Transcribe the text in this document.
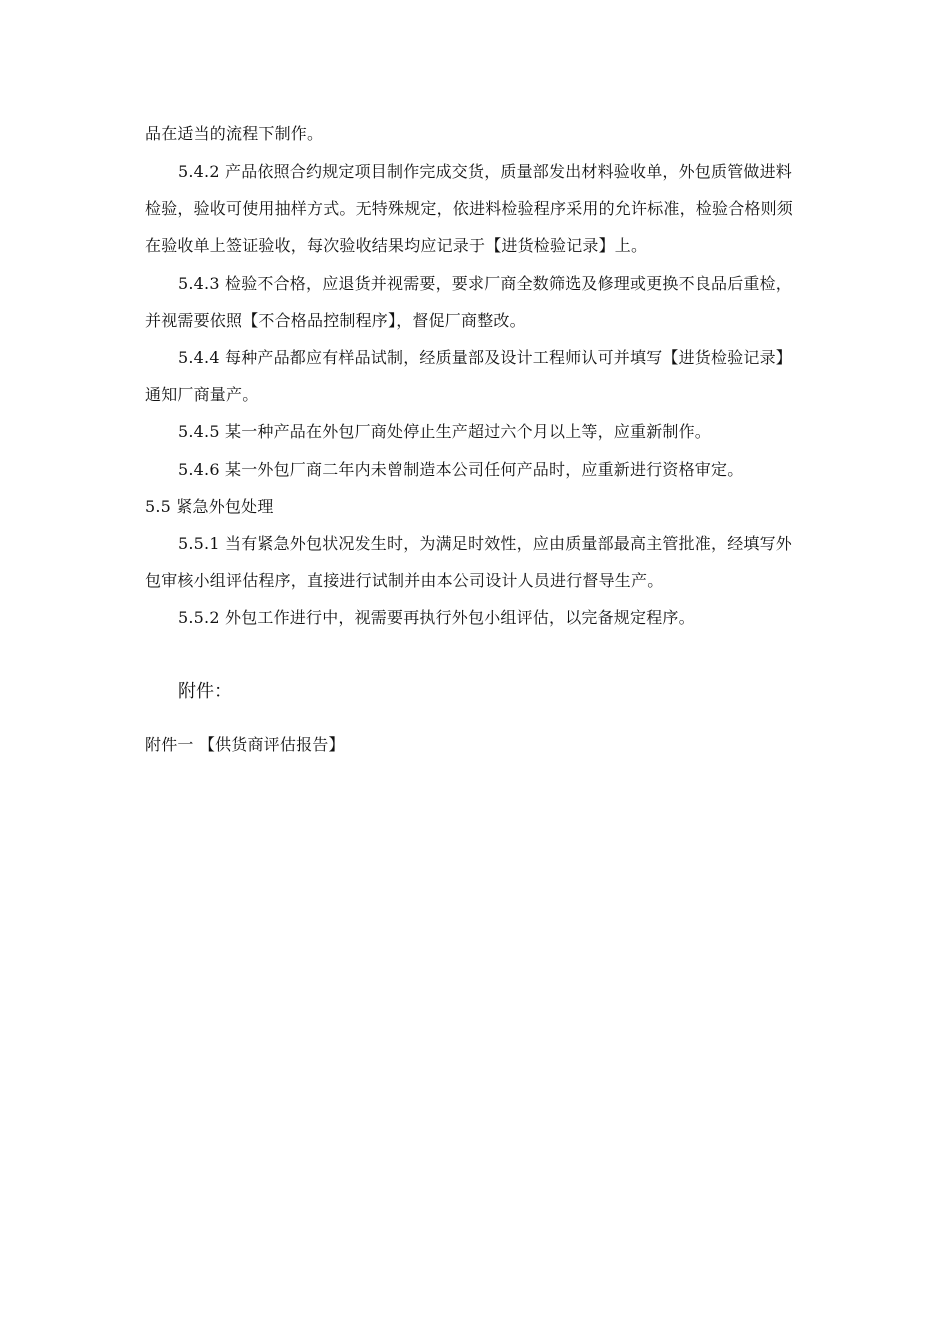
品在适当的流程下制作。
5.4.2 产品依照合约规定项目制作完成交货，质量部发出材料验收单，外包质管做进料
检验，验收可使用抽样方式。无特殊规定，依进料检验程序采用的允许标准，检验合格则须
在验收单上签证验收，每次验收结果均应记录于【进货检验记录】上。
5.4.3 检验不合格，应退货并视需要，要求厂商全数筛选及修理或更换不良品后重检，
并视需要依照【不合格品控制程序】，督促厂商整改。
5.4.4 每种产品都应有样品试制，经质量部及设计工程师认可并填写【进货检验记录】
通知厂商量产。
5.4.5 某一种产品在外包厂商处停止生产超过六个月以上等，应重新制作。
5.4.6 某一外包厂商二年内未曾制造本公司任何产品时，应重新进行资格审定。
5.5 紧急外包处理
5.5.1 当有紧急外包状况发生时，为满足时效性，应由质量部最高主管批准，经填写外
包审核小组评估程序，直接进行试制并由本公司设计人员进行督导生产。
5.5.2 外包工作进行中，视需要再执行外包小组评估，以完备规定程序。
附件：
附件一 【供货商评估报告】
